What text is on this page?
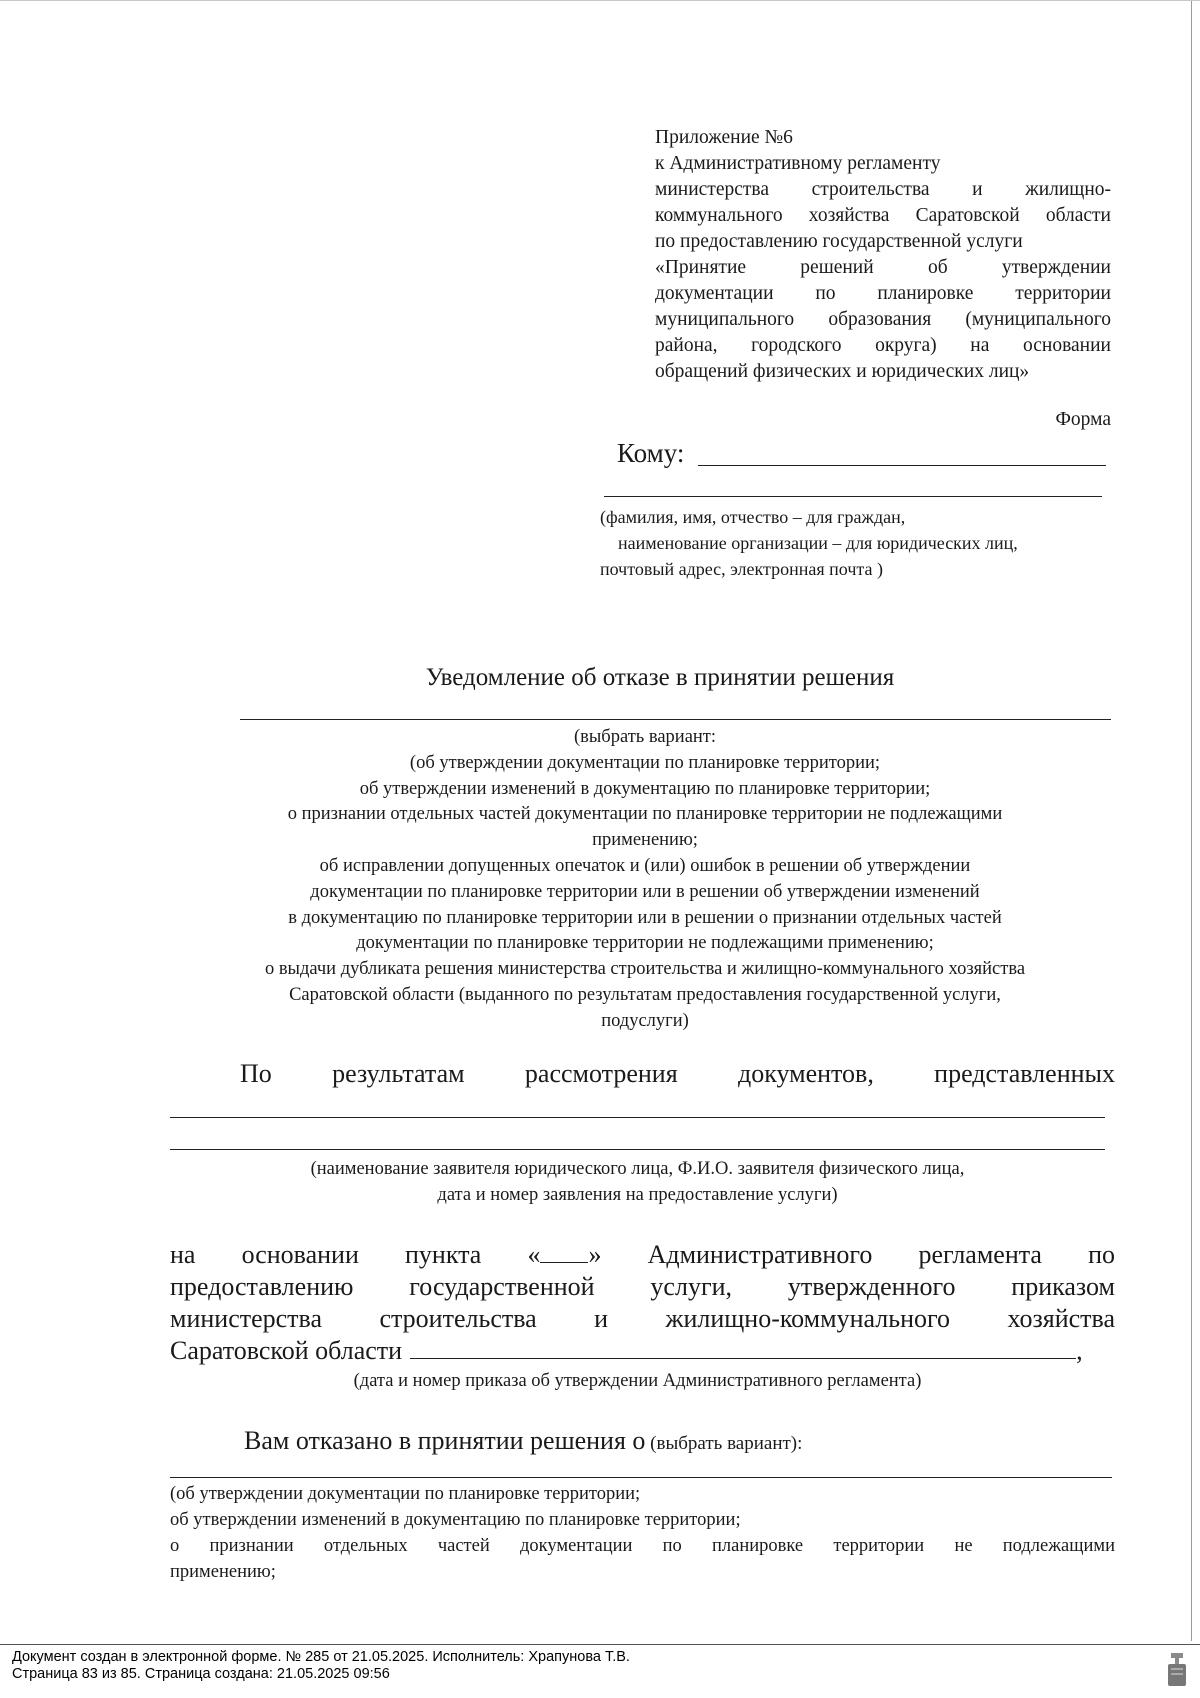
Приложение №6
к Административному регламенту
министерства строительства и жилищно-
коммунального хозяйства Саратовской области
по предоставлению государственной услуги
«Принятие решений об утверждении
документации по планировке территории
муниципального образования (муниципального
района, городского округа) на основании
обращений физических и юридических лиц»
Форма
Кому:
(фамилия, имя, отчество – для граждан,
наименование организации – для юридических лиц,
почтовый адрес, электронная почта )
Уведомление об отказе в принятии решения
(выбрать вариант:
(об утверждении документации по планировке территории;
об утверждении изменений в документацию по планировке территории;
о признании отдельных частей документации по планировке территории не подлежащими
применению;
об исправлении допущенных опечаток и (или) ошибок в решении об утверждении
документации по планировке территории или в решении об утверждении изменений
в документацию по планировке территории или в решении о признании отдельных частей
документации по планировке территории не подлежащими применению;
о выдачи дубликата решения министерства строительства и жилищно-коммунального хозяйства
Саратовской области (выданного по результатам предоставления государственной услуги,
подуслуги)
По результатам рассмотрения документов, представленных
(наименование заявителя юридического лица, Ф.И.О. заявителя физического лица,
дата и номер заявления на предоставление услуги)
на основании пункта « » Административного регламента по
предоставлению государственной услуги, утвержденного приказом
министерства строительства и жилищно-коммунального хозяйства
Саратовской области	,
(дата и номер приказа об утверждении Административного регламента)
Вам отказано в принятии решения о (выбрать вариант):
(об утверждении документации по планировке территории;
об утверждении изменений в документацию по планировке территории;
о признании отдельных частей документации по планировке территории не подлежащими
применению;
Документ создан в электронной форме. № 285 от 21.05.2025. Исполнитель: Храпунова Т.В.
Страница 83 из 85. Страница создана: 21.05.2025 09:56
